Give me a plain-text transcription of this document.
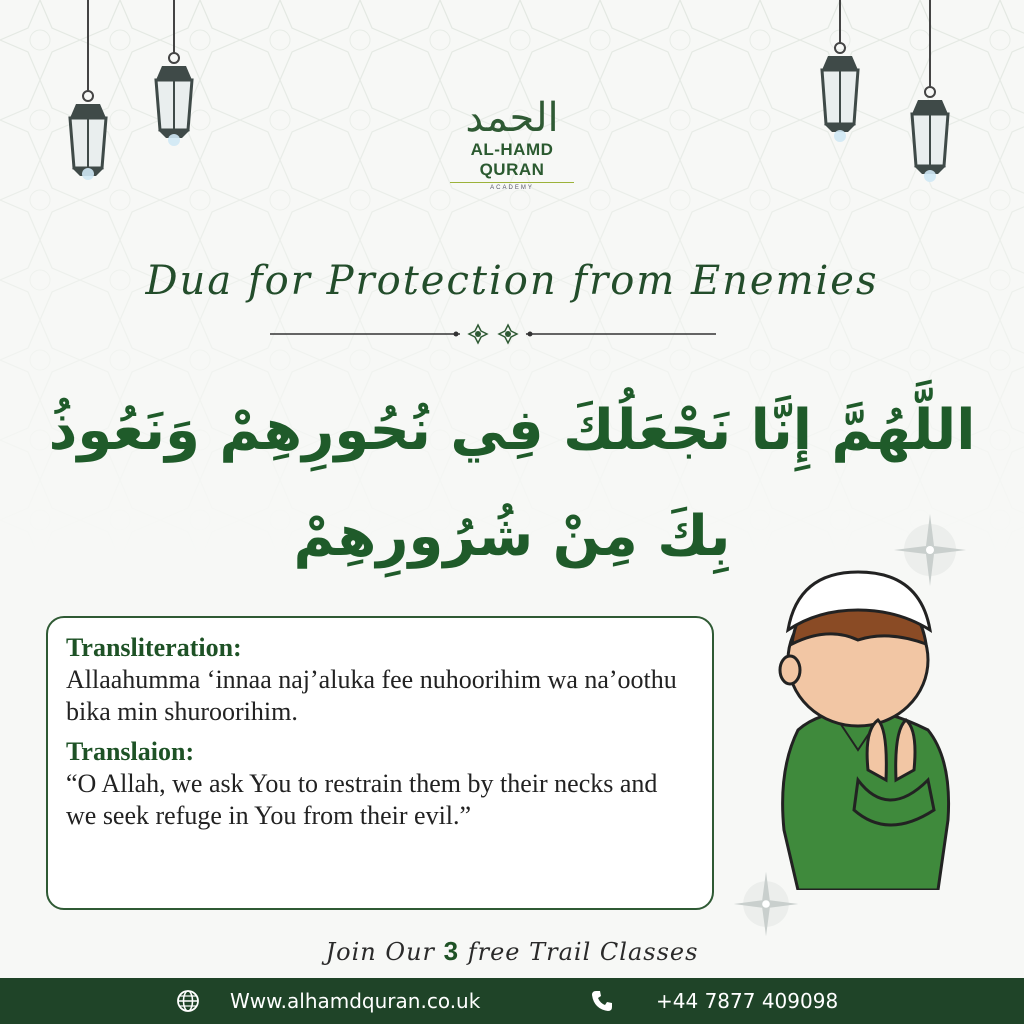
الحمد
AL-HAMD QURAN
ACADEMY
Dua for Protection from Enemies
اللَّهُمَّ إِنَّا نَجْعَلُكَ فِي نُحُورِهِمْ وَنَعُوذُ بِكَ مِنْ شُرُورِهِمْ
Transliteration:

Allaahumma ‘innaa naj’aluka fee nuhoorihim wa na’oothu bika min shuroorihim.

Translaion:

“O Allah, we ask You to restrain them by their necks and we seek refuge in You from their evil.”

Join Our 3 free Trail Classes
Www.alhamdquran.co.uk	+44 7877 409098
